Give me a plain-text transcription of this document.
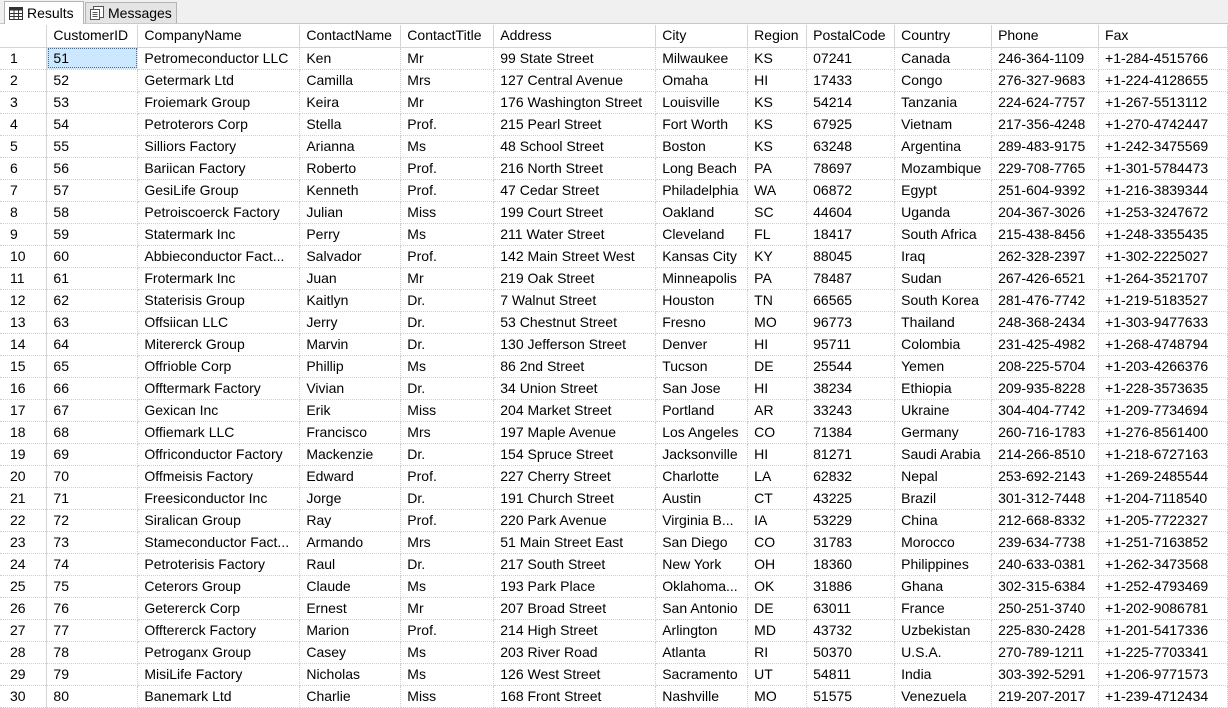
Results Messages
	CustomerID	CompanyName	ContactName	ContactTitle	Address	City	Region	PostalCode	Country	Phone	Fax
1	51	Petromeconductor LLC	Ken	Mr	99 State Street	Milwaukee	KS	07241	Canada	246-364-1109	+1-284-4515766
2	52	Getermark Ltd	Camilla	Mrs	127 Central Avenue	Omaha	HI	17433	Congo	276-327-9683	+1-224-4128655
3	53	Froiemark Group	Keira	Mr	176 Washington Street	Louisville	KS	54214	Tanzania	224-624-7757	+1-267-5513112
4	54	Petroterors Corp	Stella	Prof.	215 Pearl Street	Fort Worth	KS	67925	Vietnam	217-356-4248	+1-270-4742447
5	55	Silliors Factory	Arianna	Ms	48 School Street	Boston	KS	63248	Argentina	289-483-9175	+1-242-3475569
6	56	Bariican Factory	Roberto	Prof.	216 North Street	Long Beach	PA	78697	Mozambique	229-708-7765	+1-301-5784473
7	57	GesiLife Group	Kenneth	Prof.	47 Cedar Street	Philadelphia	WA	06872	Egypt	251-604-9392	+1-216-3839344
8	58	Petroiscoerck Factory	Julian	Miss	199 Court Street	Oakland	SC	44604	Uganda	204-367-3026	+1-253-3247672
9	59	Statermark Inc	Perry	Ms	211 Water Street	Cleveland	FL	18417	South Africa	215-438-8456	+1-248-3355435
10	60	Abbieconductor Fact...	Salvador	Prof.	142 Main Street West	Kansas City	KY	88045	Iraq	262-328-2397	+1-302-2225027
11	61	Frotermark Inc	Juan	Mr	219 Oak Street	Minneapolis	PA	78487	Sudan	267-426-6521	+1-264-3521707
12	62	Staterisis Group	Kaitlyn	Dr.	7 Walnut Street	Houston	TN	66565	South Korea	281-476-7742	+1-219-5183527
13	63	Offsiican LLC	Jerry	Dr.	53 Chestnut Street	Fresno	MO	96773	Thailand	248-368-2434	+1-303-9477633
14	64	Mitererck Group	Marvin	Dr.	130 Jefferson Street	Denver	HI	95711	Colombia	231-425-4982	+1-268-4748794
15	65	Offrioble Corp	Phillip	Ms	86 2nd Street	Tucson	DE	25544	Yemen	208-225-5704	+1-203-4266376
16	66	Offtermark Factory	Vivian	Dr.	34 Union Street	San Jose	HI	38234	Ethiopia	209-935-8228	+1-228-3573635
17	67	Gexican Inc	Erik	Miss	204 Market Street	Portland	AR	33243	Ukraine	304-404-7742	+1-209-7734694
18	68	Offiemark LLC	Francisco	Mrs	197 Maple Avenue	Los Angeles	CO	71384	Germany	260-716-1783	+1-276-8561400
19	69	Offriconductor Factory	Mackenzie	Dr.	154 Spruce Street	Jacksonville	HI	81271	Saudi Arabia	214-266-8510	+1-218-6727163
20	70	Offmeisis Factory	Edward	Prof.	227 Cherry Street	Charlotte	LA	62832	Nepal	253-692-2143	+1-269-2485544
21	71	Freesiconductor Inc	Jorge	Dr.	191 Church Street	Austin	CT	43225	Brazil	301-312-7448	+1-204-7118540
22	72	Siralican Group	Ray	Prof.	220 Park Avenue	Virginia B...	IA	53229	China	212-668-8332	+1-205-7722327
23	73	Stameconductor Fact...	Armando	Mrs	51 Main Street East	San Diego	CO	31783	Morocco	239-634-7738	+1-251-7163852
24	74	Petroterisis Factory	Raul	Dr.	217 South Street	New York	OH	18360	Philippines	240-633-0381	+1-262-3473568
25	75	Ceterors Group	Claude	Ms	193 Park Place	Oklahoma...	OK	31886	Ghana	302-315-6384	+1-252-4793469
26	76	Getererck Corp	Ernest	Mr	207 Broad Street	San Antonio	DE	63011	France	250-251-3740	+1-202-9086781
27	77	Offtererck Factory	Marion	Prof.	214 High Street	Arlington	MD	43732	Uzbekistan	225-830-2428	+1-201-5417336
28	78	Petroganx Group	Casey	Ms	203 River Road	Atlanta	RI	50370	U.S.A.	270-789-1211	+1-225-7703341
29	79	MisiLife Factory	Nicholas	Ms	126 West Street	Sacramento	UT	54811	India	303-392-5291	+1-206-9771573
30	80	Banemark Ltd	Charlie	Miss	168 Front Street	Nashville	MO	51575	Venezuela	219-207-2017	+1-239-4712434
